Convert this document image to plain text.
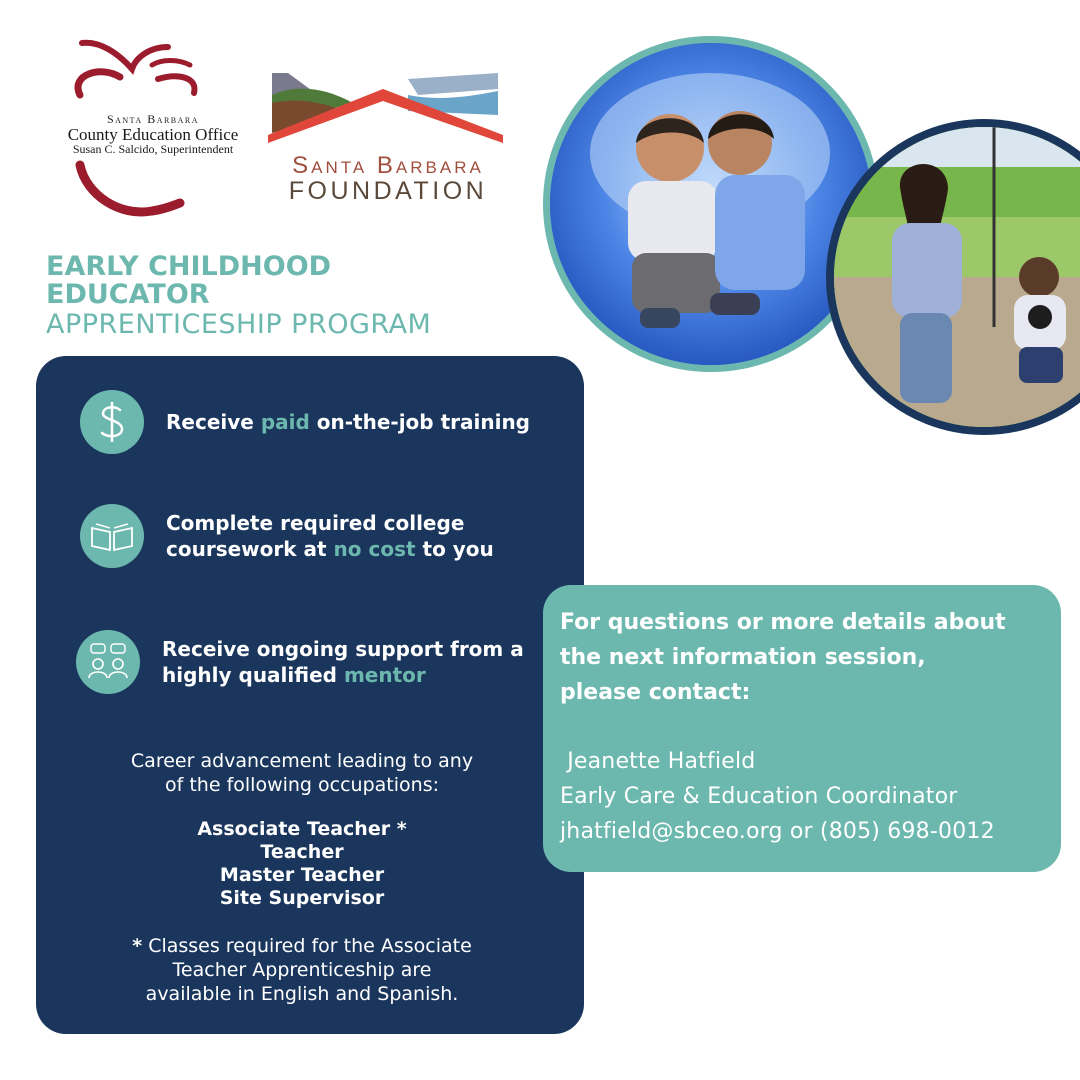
Santa Barbara
County Education Office
Susan C. Salcido, Superintendent
Santa Barbara
FOUNDATION
EARLY CHILDHOOD
EDUCATOR
APPRENTICESHIP PROGRAM
Receive paid on-the-job training
Complete required college coursework at no cost to you
Receive ongoing support from a highly qualified mentor
Career advancement leading to any
of the following occupations:
Associate Teacher *
Teacher
Master Teacher
Site Supervisor
* Classes required for the Associate
Teacher Apprenticeship are
available in English and Spanish.
For questions or more details about
the next information session,
please contact:
Jeanette Hatfield
Early Care & Education Coordinator
jhatfield@sbceo.org or (805) 698-0012
